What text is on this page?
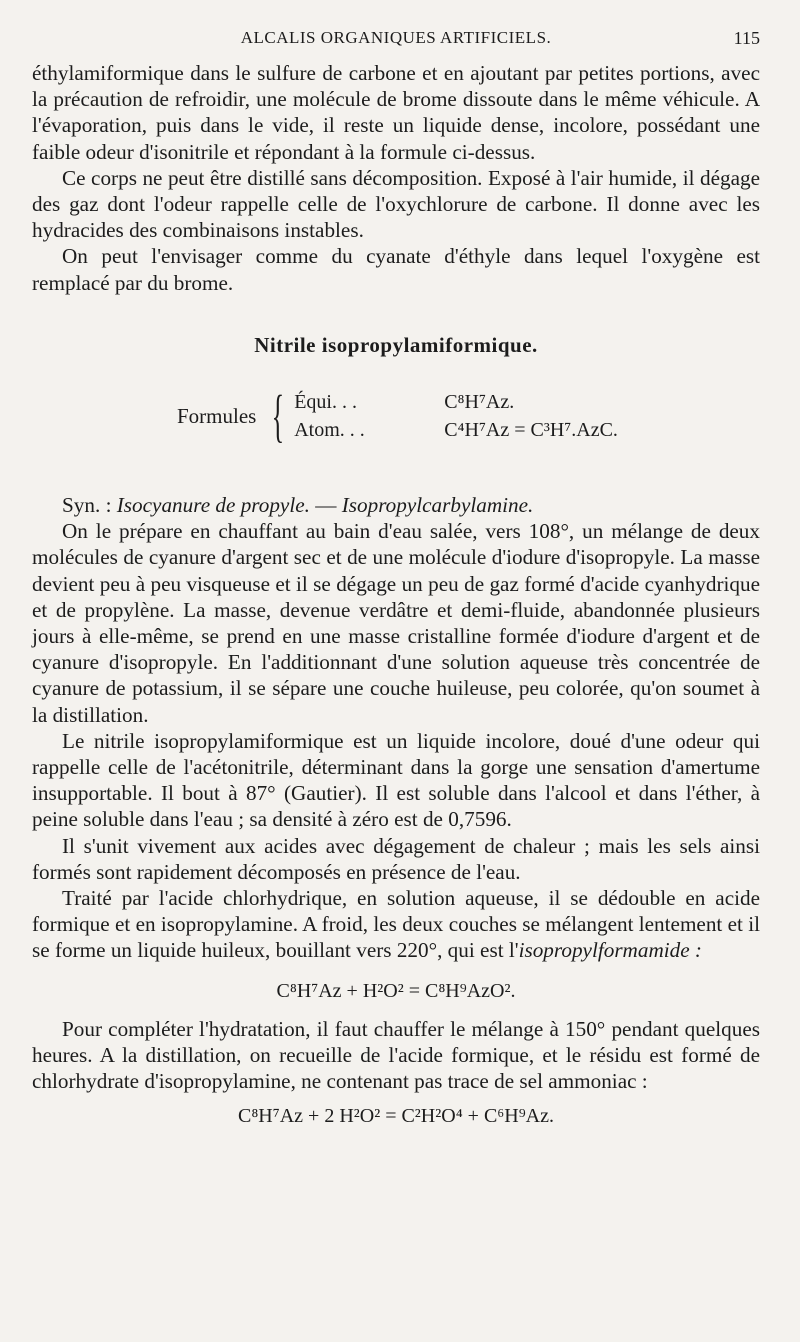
ALCALIS ORGANIQUES ARTIFICIELS.	115

éthylamiformique dans le sulfure de carbone et en ajoutant par petites portions, avec la précaution de refroidir, une molécule de brome dissoute dans le même véhicule. A l'évaporation, puis dans le vide, il reste un liquide dense, incolore, possédant une faible odeur d'isonitrile et répondant à la formule ci-dessus.

Ce corps ne peut être distillé sans décomposition. Exposé à l'air humide, il dégage des gaz dont l'odeur rappelle celle de l'oxychlorure de carbone. Il donne avec les hydracides des combinaisons instables.

On peut l'envisager comme du cyanate d'éthyle dans lequel l'oxygène est remplacé par du brome.

Nitrile isopropylamiformique.
Formules { Équi. . .	C⁸H⁷Az.
Atom. . .	C⁴H⁷Az = C³H⁷.AzC.

Syn. : Isocyanure de propyle. — Isopropylcarbylamine.

On le prépare en chauffant au bain d'eau salée, vers 108°, un mélange de deux molécules de cyanure d'argent sec et de une molécule d'iodure d'isopropyle. La masse devient peu à peu visqueuse et il se dégage un peu de gaz formé d'acide cyanhydrique et de propylène. La masse, devenue verdâtre et demi-fluide, abandonnée plusieurs jours à elle-même, se prend en une masse cristalline formée d'iodure d'argent et de cyanure d'isopropyle. En l'additionnant d'une solution aqueuse très concentrée de cyanure de potassium, il se sépare une couche huileuse, peu colorée, qu'on soumet à la distillation.

Le nitrile isopropylamiformique est un liquide incolore, doué d'une odeur qui rappelle celle de l'acétonitrile, déterminant dans la gorge une sensation d'amertume insupportable. Il bout à 87° (Gautier). Il est soluble dans l'alcool et dans l'éther, à peine soluble dans l'eau ; sa densité à zéro est de 0,7596.

Il s'unit vivement aux acides avec dégagement de chaleur ; mais les sels ainsi formés sont rapidement décomposés en présence de l'eau.

Traité par l'acide chlorhydrique, en solution aqueuse, il se dédouble en acide formique et en isopropylamine. A froid, les deux couches se mélangent lentement et il se forme un liquide huileux, bouillant vers 220°, qui est l'isopropylformamide :

C⁸H⁷Az + H²O² = C⁸H⁹AzO².

Pour compléter l'hydratation, il faut chauffer le mélange à 150° pendant quelques heures. A la distillation, on recueille de l'acide formique, et le résidu est formé de chlorhydrate d'isopropylamine, ne contenant pas trace de sel ammoniac :

C⁸H⁷Az + 2 H²O² = C²H²O⁴ + C⁶H⁹Az.
